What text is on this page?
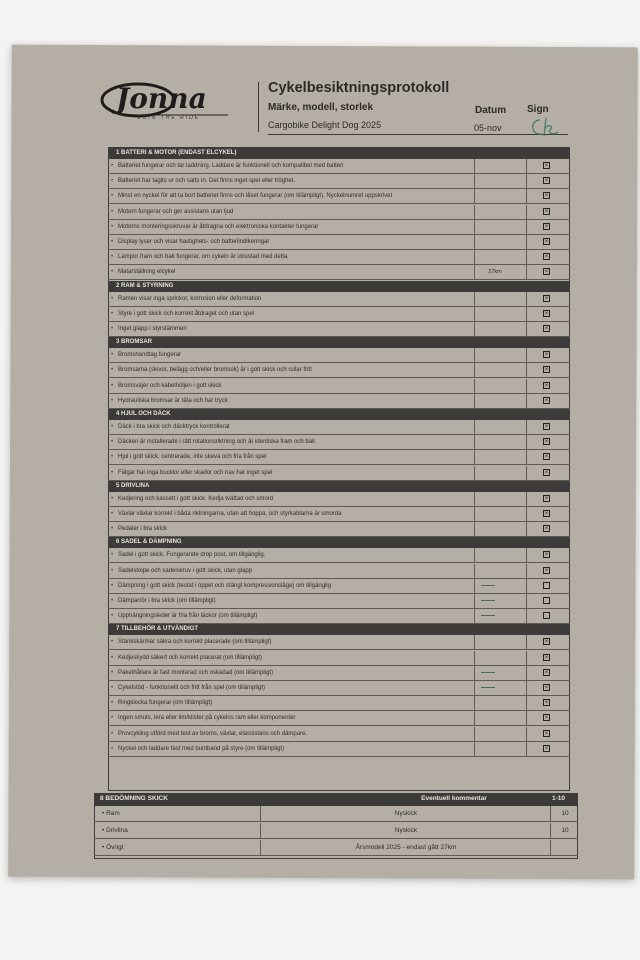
Jonna
JOIN THE RIDE
Cykelbesiktningsprotokoll
Märke, modell, storlek
Cargobike Delight Dog 2025
Datum Sign
05-nov
1 BATTERI & MOTOR (ENDAST ELCYKEL)
• Batteriet fungerar och tar laddning. Laddare är funktionell och kompatibel med batteri	×
• Batteriet har tagits ur och satts in. Det finns inget spel eller tröghet.	×
• Minst en nyckel för att ta bort batteriet finns och låset fungerar (om tillämpligt). Nyckelnumret uppskrivet	×
• Motorn fungerar och ger assistans utan ljud	×
• Motorns monteringsskruvar är åtdragna och elektroniska kontakter fungerar	×
• Display lyser och visar hastighets- och batteriindikeringar	×
• Lampor fram och bak fungerar, om cykeln är utrustad med detta	×
• Matarställning elcykel	27km	×
2 RAM & STYRNING
• Ramen visar inga sprickor, korrosion eller deformation	×
• Styre i gott skick och korrekt åtdraget och utan spel	×
• Inget glapp i styrstämmen	×
3 BROMSAR
• Bromshandtag fungerar	×
• Bromsarna (skivor, belägg och/eller bromsok) är i gott skick och rullar fritt	×
• Bromsvajer och kabelhöljen i gott skick	×
• Hydrauliska bromsar är täta och har tryck	×
4 HJUL OCH DÄCK
• Däck i bra skick och däcktryck kontrollerat	×
• Däcken är installerade i rätt rotationsriktning och är identiska fram och bak	×
• Hjul i gott skick, centrerade, inte skeva och fria från spel	×
• Fälgar har inga bucklor eller skador och nav har inget spel	×
5 DRIVLINA
• Kedjering och kassett i gott skick. Kedja tvättad och smord	×
• Växlar växlar korrekt i båda riktningarna, utan att hoppa, och styrkablarna är smorda	×
• Pedaler i bra skick	×
6 SADEL & DÄMPNING
• Sadel i gott skick. Fungerande drop post, om tillgänglig.	×
• Sadelstolpe och sadelskruv i gott skick, utan glapp	×
• Dämpning i gott skick (testat i öppet och stängt kompressionsläge) om tillgänglig
• Dämparrör i bra skick (om tillämpligt)
• Upphängningsleder är fria från läckor (om tillämpligt)
7 TILLBEHÖR & UTVÄNDIGT
• Stänkskärmar säkra och korrekt placerade (om tillämpligt)	×
• Kedjeskydd säkert och korrekt placerat (om tillämpligt)	×
• Pakethållare är fast monterad och oskadad (om tillämpligt)	×
• Cykelstöd - funktionellt och fritt från spel (om tillämpligt)	×
• Ringklocka fungerar (om tillämpligt)	×
• Ingen smuts, lera eller lim/klister på cykelns ram eller komponenter	×
• Provcykling utförd med test av broms, växlar, elassistans och dämpare.	×
• Nyckel och laddare fast med buntband på styre (om tillämpligt)	×
8 BEDÖMNING SKICK	Eventuell kommentar	1-10
• Ram	Nyskick	10
• Drivlina	Nyskick	10
• Övrigt	Årsmodell 2025 - endast gått 27km
